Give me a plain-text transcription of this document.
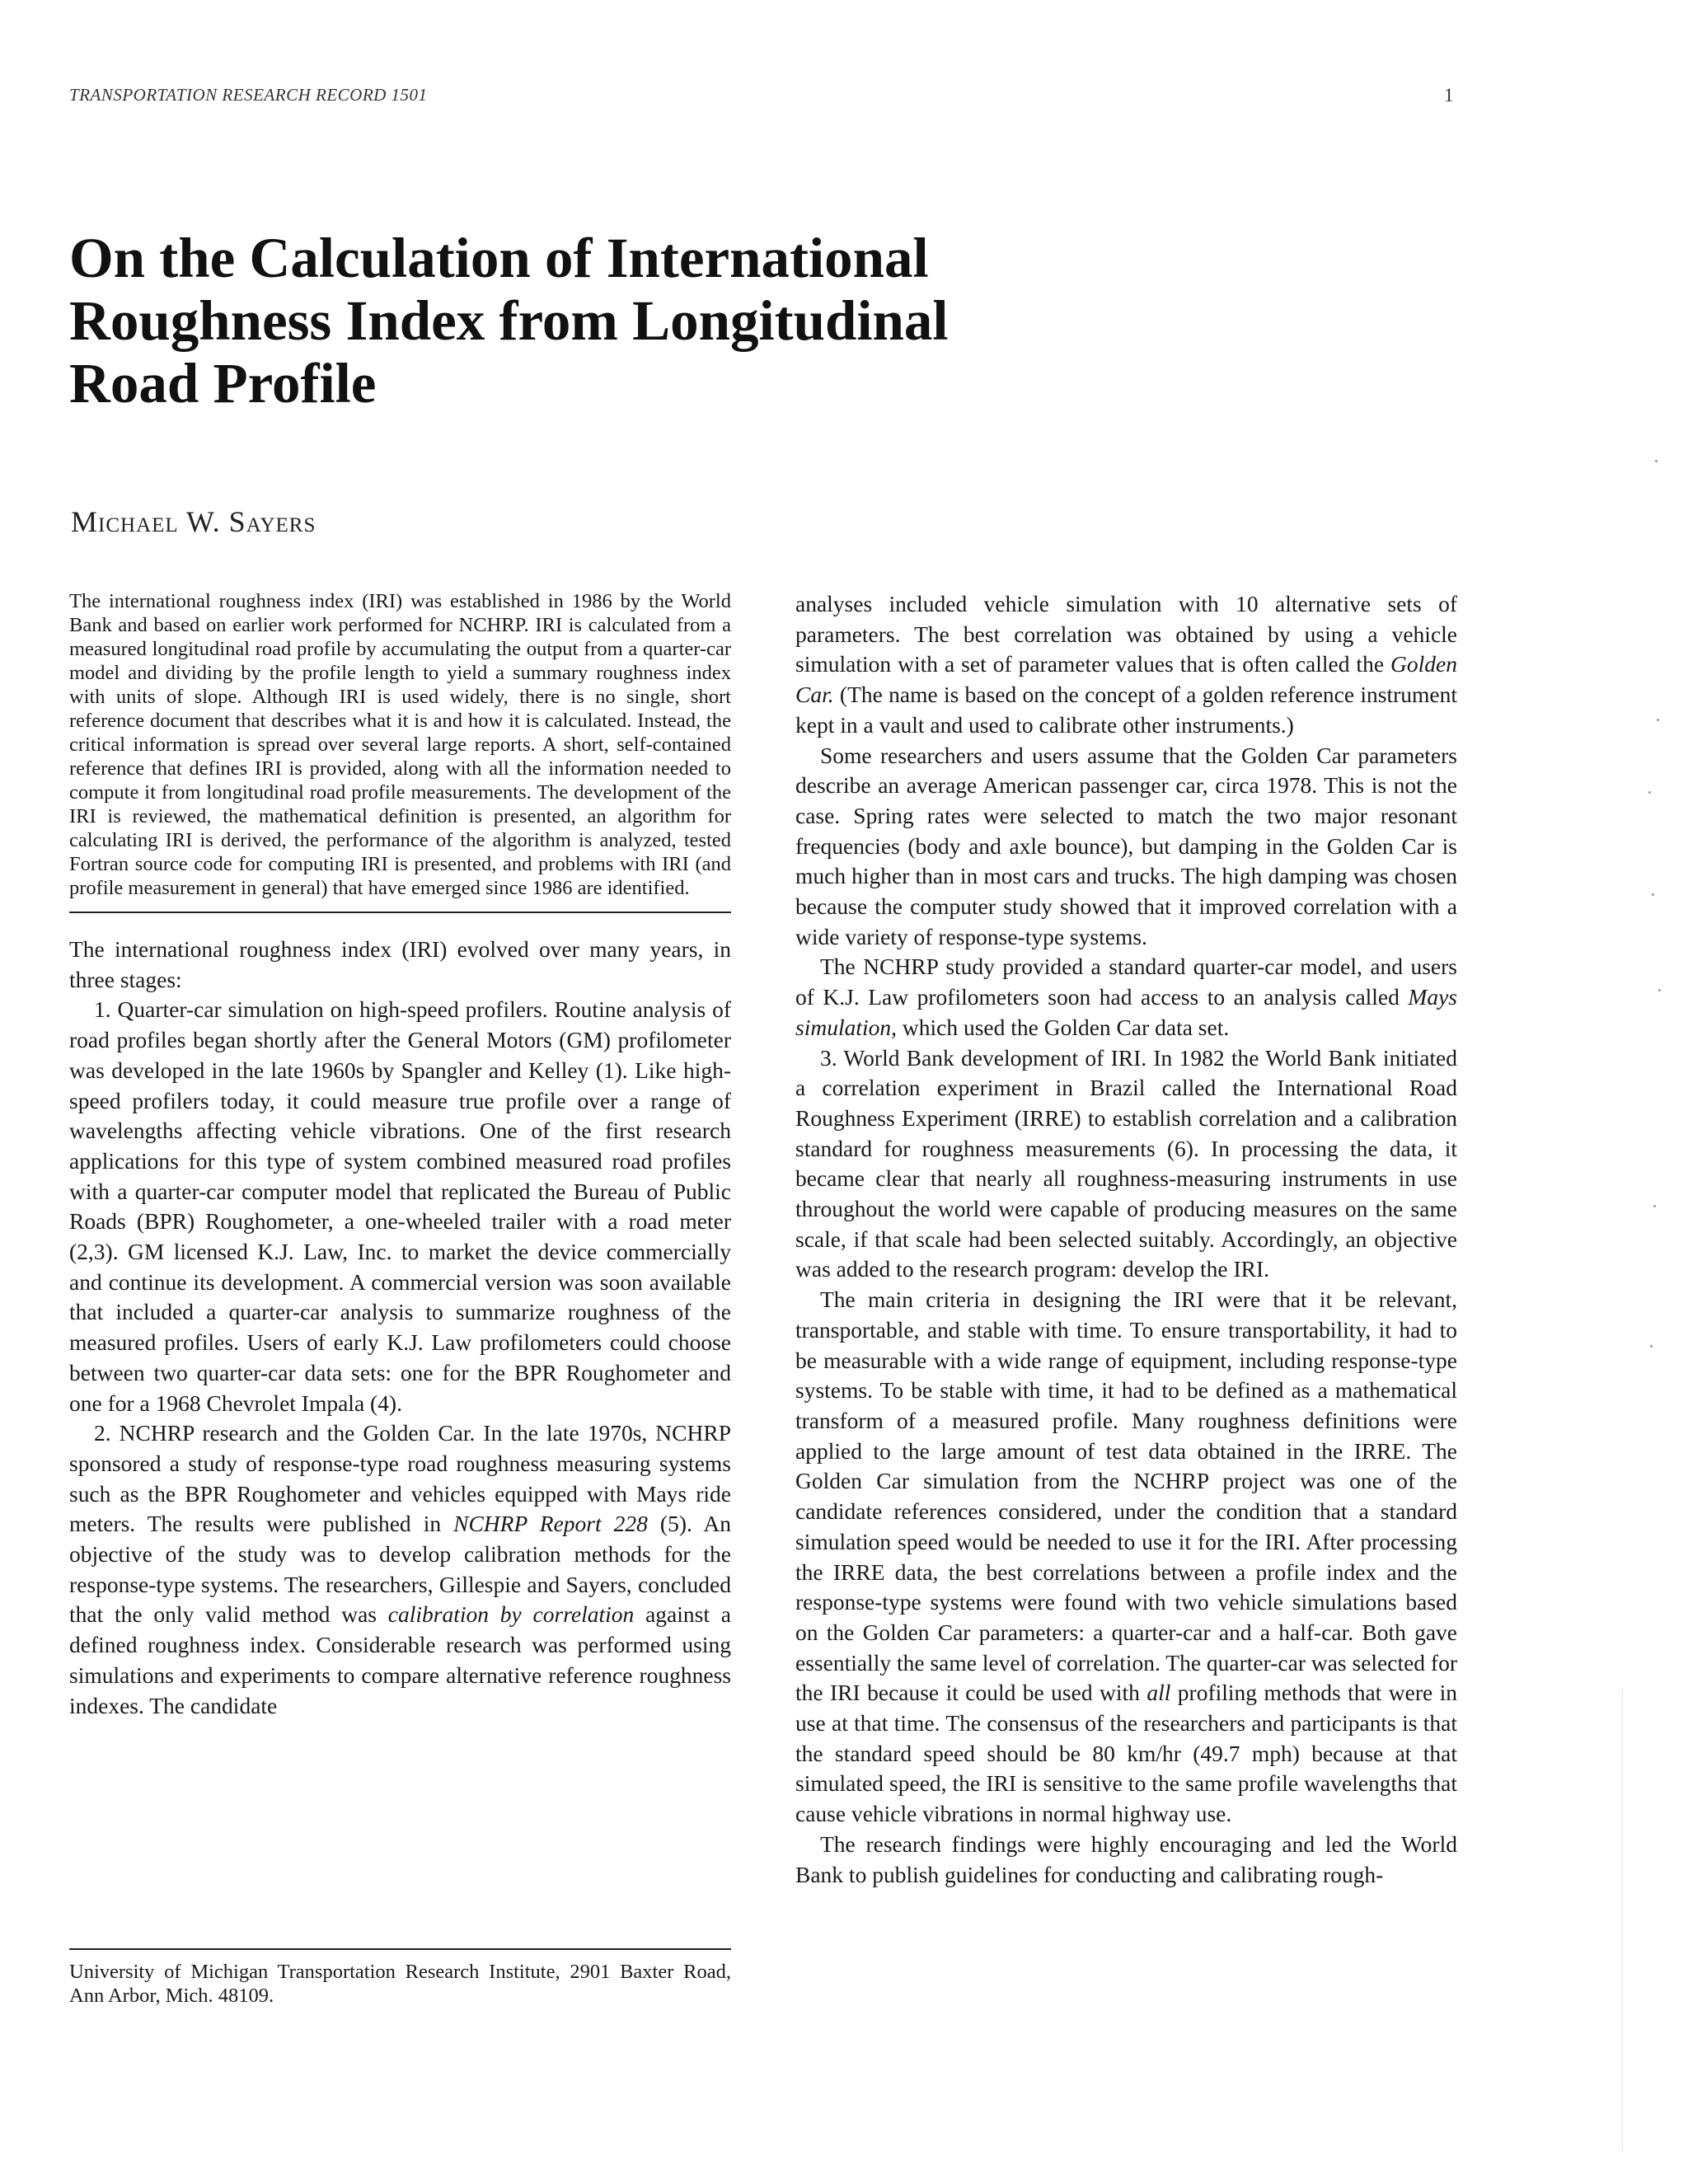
TRANSPORTATION RESEARCH RECORD 1501	1
On the Calculation of International
Roughness Index from Longitudinal
Road Profile
Michael W. Sayers

The international roughness index (IRI) was established in 1986 by the World Bank and based on earlier work performed for NCHRP. IRI is calculated from a measured longitudinal road profile by accumulating the output from a quarter-car model and dividing by the profile length to yield a summary roughness index with units of slope. Although IRI is used widely, there is no single, short reference document that describes what it is and how it is calculated. Instead, the critical information is spread over several large reports. A short, self-contained reference that defines IRI is provided, along with all the information needed to compute it from longitudinal road profile measurements. The development of the IRI is reviewed, the mathematical definition is presented, an algorithm for calculating IRI is derived, the performance of the algorithm is analyzed, tested Fortran source code for computing IRI is presented, and problems with IRI (and profile measurement in general) that have emerged since 1986 are identified.

The international roughness index (IRI) evolved over many years, in three stages:

1. Quarter-car simulation on high-speed profilers. Routine analysis of road profiles began shortly after the General Motors (GM) profilometer was developed in the late 1960s by Spangler and Kelley (1). Like high-speed profilers today, it could measure true profile over a range of wavelengths affecting vehicle vibrations. One of the first research applications for this type of system combined measured road profiles with a quarter-car computer model that replicated the Bureau of Public Roads (BPR) Roughometer, a one-wheeled trailer with a road meter (2,3). GM licensed K.J. Law, Inc. to market the device commercially and continue its development. A commercial version was soon available that included a quarter-car analysis to summarize roughness of the measured profiles. Users of early K.J. Law profilometers could choose between two quarter-car data sets: one for the BPR Roughometer and one for a 1968 Chevrolet Impala (4).

2. NCHRP research and the Golden Car. In the late 1970s, NCHRP sponsored a study of response-type road roughness measuring systems such as the BPR Roughometer and vehicles equipped with Mays ride meters. The results were published in NCHRP Report 228 (5). An objective of the study was to develop calibration methods for the response-type systems. The researchers, Gillespie and Sayers, concluded that the only valid method was calibration by correlation against a defined roughness index. Considerable research was performed using simulations and experiments to compare alternative reference roughness indexes. The candidate

analyses included vehicle simulation with 10 alternative sets of parameters. The best correlation was obtained by using a vehicle simulation with a set of parameter values that is often called the Golden Car. (The name is based on the concept of a golden reference instrument kept in a vault and used to calibrate other instruments.)

Some researchers and users assume that the Golden Car parameters describe an average American passenger car, circa 1978. This is not the case. Spring rates were selected to match the two major resonant frequencies (body and axle bounce), but damping in the Golden Car is much higher than in most cars and trucks. The high damping was chosen because the computer study showed that it improved correlation with a wide variety of response-type systems.

The NCHRP study provided a standard quarter-car model, and users of K.J. Law profilometers soon had access to an analysis called Mays simulation, which used the Golden Car data set.

3. World Bank development of IRI. In 1982 the World Bank initiated a correlation experiment in Brazil called the International Road Roughness Experiment (IRRE) to establish correlation and a calibration standard for roughness measurements (6). In processing the data, it became clear that nearly all roughness-measuring instruments in use throughout the world were capable of producing measures on the same scale, if that scale had been selected suitably. Accordingly, an objective was added to the research program: develop the IRI.

The main criteria in designing the IRI were that it be relevant, transportable, and stable with time. To ensure transportability, it had to be measurable with a wide range of equipment, including response-type systems. To be stable with time, it had to be defined as a mathematical transform of a measured profile. Many roughness definitions were applied to the large amount of test data obtained in the IRRE. The Golden Car simulation from the NCHRP project was one of the candidate references considered, under the condition that a standard simulation speed would be needed to use it for the IRI. After processing the IRRE data, the best correlations between a profile index and the response-type systems were found with two vehicle simulations based on the Golden Car parameters: a quarter-car and a half-car. Both gave essentially the same level of correlation. The quarter-car was selected for the IRI because it could be used with all profiling methods that were in use at that time. The consensus of the researchers and participants is that the standard speed should be 80 km/hr (49.7 mph) because at that simulated speed, the IRI is sensitive to the same profile wavelengths that cause vehicle vibrations in normal highway use.

The research findings were highly encouraging and led the World Bank to publish guidelines for conducting and calibrating rough-

University of Michigan Transportation Research Institute, 2901 Baxter Road, Ann Arbor, Mich. 48109.
